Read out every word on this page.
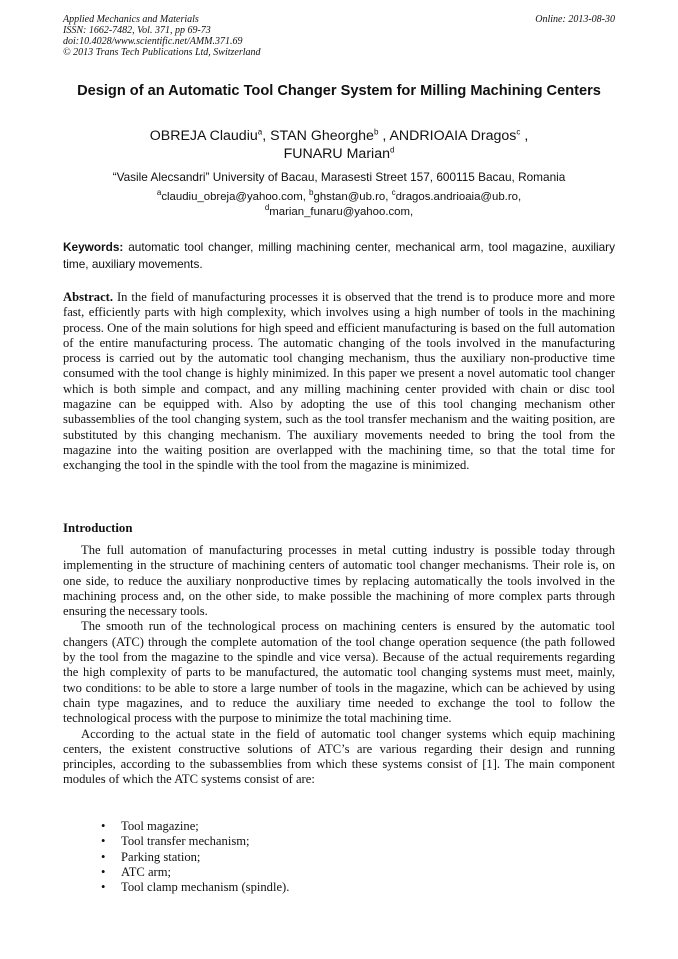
Applied Mechanics and Materials
ISSN: 1662-7482, Vol. 371, pp 69-73
doi:10.4028/www.scientific.net/AMM.371.69
© 2013 Trans Tech Publications Ltd, Switzerland
Online: 2013-08-30
Design of an Automatic Tool Changer System for Milling Machining Centers
OBREJA Claudiu$^a$, STAN Gheorghe$^b$ , ANDRIOAIA Dragos$^c$ ,
FUNARU Marian$^d$
“Vasile Alecsandri” University of Bacau, Marasesti Street 157, 600115 Bacau, Romania
$^a$claudiu_obreja@yahoo.com, $^b$ghstan@ub.ro, $^c$dragos.andrioaia@ub.ro,
$^d$marian_funaru@yahoo.com,
Keywords: automatic tool changer, milling machining center, mechanical arm, tool magazine, auxiliary time, auxiliary movements.
Abstract. In the field of manufacturing processes it is observed that the trend is to produce more and more fast, efficiently parts with high complexity, which involves using a high number of tools in the machining process. One of the main solutions for high speed and efficient manufacturing is based on the full automation of the entire manufacturing process. The automatic changing of the tools involved in the manufacturing process is carried out by the automatic tool changing mechanism, thus the auxiliary non-productive time consumed with the tool change is highly minimized. In this paper we present a novel automatic tool changer which is both simple and compact, and any milling machining center provided with chain or disc tool magazine can be equipped with. Also by adopting the use of this tool changing mechanism other subassemblies of the tool changing system, such as the tool transfer mechanism and the waiting position, are substituted by this changing mechanism. The auxiliary movements needed to bring the tool from the magazine into the waiting position are overlapped with the machining time, so that the total time for exchanging the tool in the spindle with the tool from the magazine is minimized.
Introduction

The full automation of manufacturing processes in metal cutting industry is possible today through implementing in the structure of machining centers of automatic tool changer mechanisms. Their role is, on one side, to reduce the auxiliary nonproductive times by replacing automatically the tools involved in the machining process and, on the other side, to make possible the machining of more complex parts through ensuring the necessary tools.

The smooth run of the technological process on machining centers is ensured by the automatic tool changers (ATC) through the complete automation of the tool change operation sequence (the path followed by the tool from the magazine to the spindle and vice versa). Because of the actual requirements regarding the high complexity of parts to be manufactured, the automatic tool changing systems must meet, mainly, two conditions: to be able to store a large number of tools in the magazine, which can be achieved by using chain type magazines, and to reduce the auxiliary time needed to exchange the tool to follow the technological process with the purpose to minimize the total machining time.

According to the actual state in the field of automatic tool changer systems which equip machining centers, the existent constructive solutions of ATC’s are various regarding their design and running principles, according to the subassemblies from which these systems consist of [1]. The main component modules of which the ATC systems consist of are:

• Tool magazine;
• Tool transfer mechanism;
• Parking station;
• ATC arm;
• Tool clamp mechanism (spindle).
